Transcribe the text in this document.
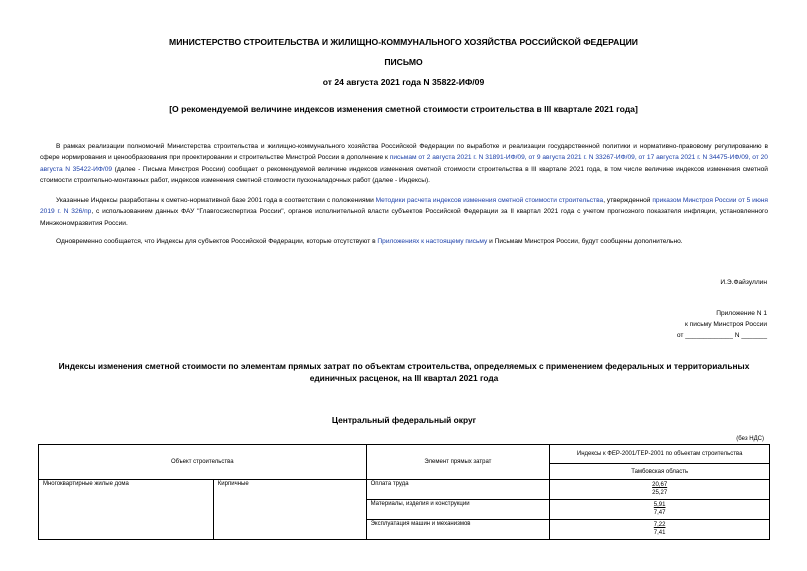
МИНИСТЕРСТВО СТРОИТЕЛЬСТВА И ЖИЛИЩНО-КОММУНАЛЬНОГО ХОЗЯЙСТВА РОССИЙСКОЙ ФЕДЕРАЦИИ
ПИСЬМО
от 24 августа 2021 года N 35822-ИФ/09
[О рекомендуемой величине индексов изменения сметной стоимости строительства в III квартале 2021 года]
В рамках реализации полномочий Министерства строительства и жилищно-коммунального хозяйства Российской Федерации по выработке и реализации государственной политики и нормативно-правовому регулированию в сфере нормирования и ценообразования при проектировании и строительстве Минстрой России в дополнение к письмам от 2 августа 2021 г. N 31891-ИФ/09, от 9 августа 2021 г. N 33267-ИФ/09, от 17 августа 2021 г. N 34475-ИФ/09, от 20 августа N 35422-ИФ/09 (далее - Письма Минстроя России) сообщает о рекомендуемой величине индексов изменения сметной стоимости строительства в III квартале 2021 года, в том числе величине индексов изменения сметной стоимости строительно-монтажных работ, индексов изменения сметной стоимости пусконаладочных работ (далее - Индексы).
Указанные Индексы разработаны к сметно-нормативной базе 2001 года в соответствии с положениями Методики расчета индексов изменения сметной стоимости строительства, утвержденной приказом Минстроя России от 5 июня 2019 г. N 326/пр, с использованием данных ФАУ "Главгосэкспертиза России", органов исполнительной власти субъектов Российской Федерации за II квартал 2021 года с учетом прогнозного показателя инфляции, установленного Минэкономразвития России.
Одновременно сообщается, что Индексы для субъектов Российской Федерации, которые отсутствуют в Приложениях к настоящему письму и Письмам Минстроя России, будут сообщены дополнительно.
И.Э.Файзуллин
Приложение N 1
к письму Минстроя России
от _____________ N _______
Индексы изменения сметной стоимости по элементам прямых затрат по объектам строительства, определяемых с применением федеральных и территориальных единичных расценок, на III квартал 2021 года
Центральный федеральный округ
(без НДС)
Объект строительства		Элемент прямых затрат	Индексы к ФЕР-2001/ТЕР-2001 по объектам строительства
			Тамбовская область
Многоквартирные жилые дома	Кирпичные	Оплата труда	20,67
25,27

		Материалы, изделия и конструкции	5,91
7,47

		Эксплуатация машин и механизмов	7,22
7,41
